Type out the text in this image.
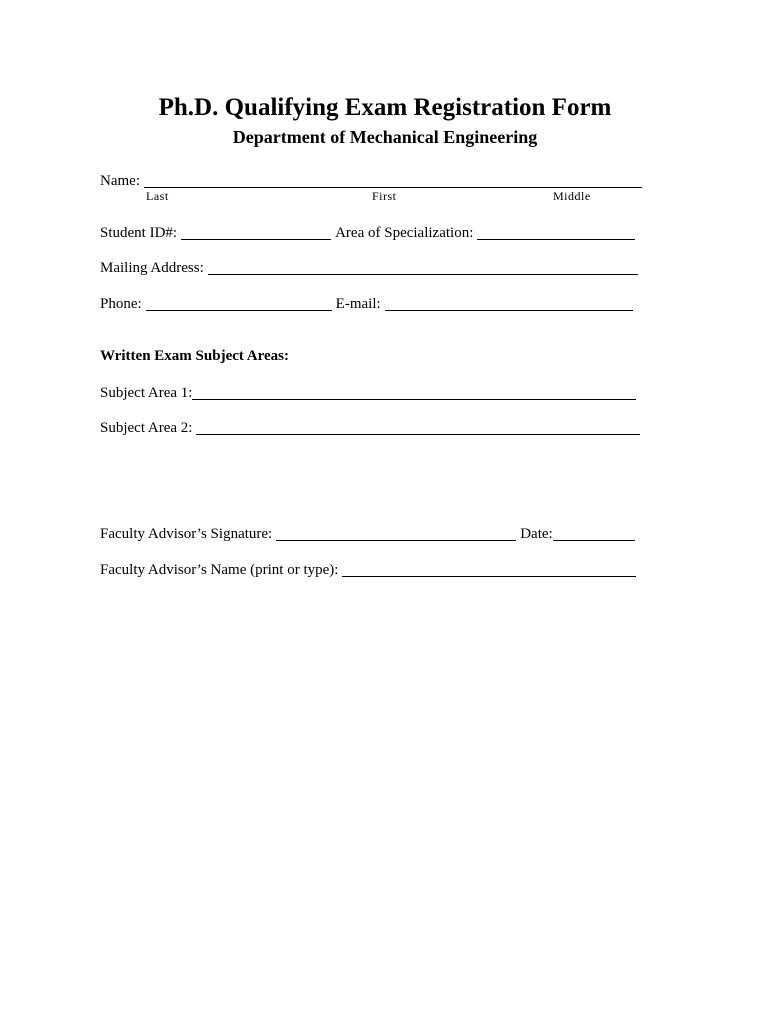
Ph.D. Qualifying Exam Registration Form
Department of Mechanical Engineering
Name:
Last	First	Middle
Student ID#:	Area of Specialization:
Mailing Address:
Phone:	E-mail:
Written Exam Subject Areas:
Subject Area 1:
Subject Area 2:
Faculty Advisor’s Signature:	Date:
Faculty Advisor’s Name (print or type):
